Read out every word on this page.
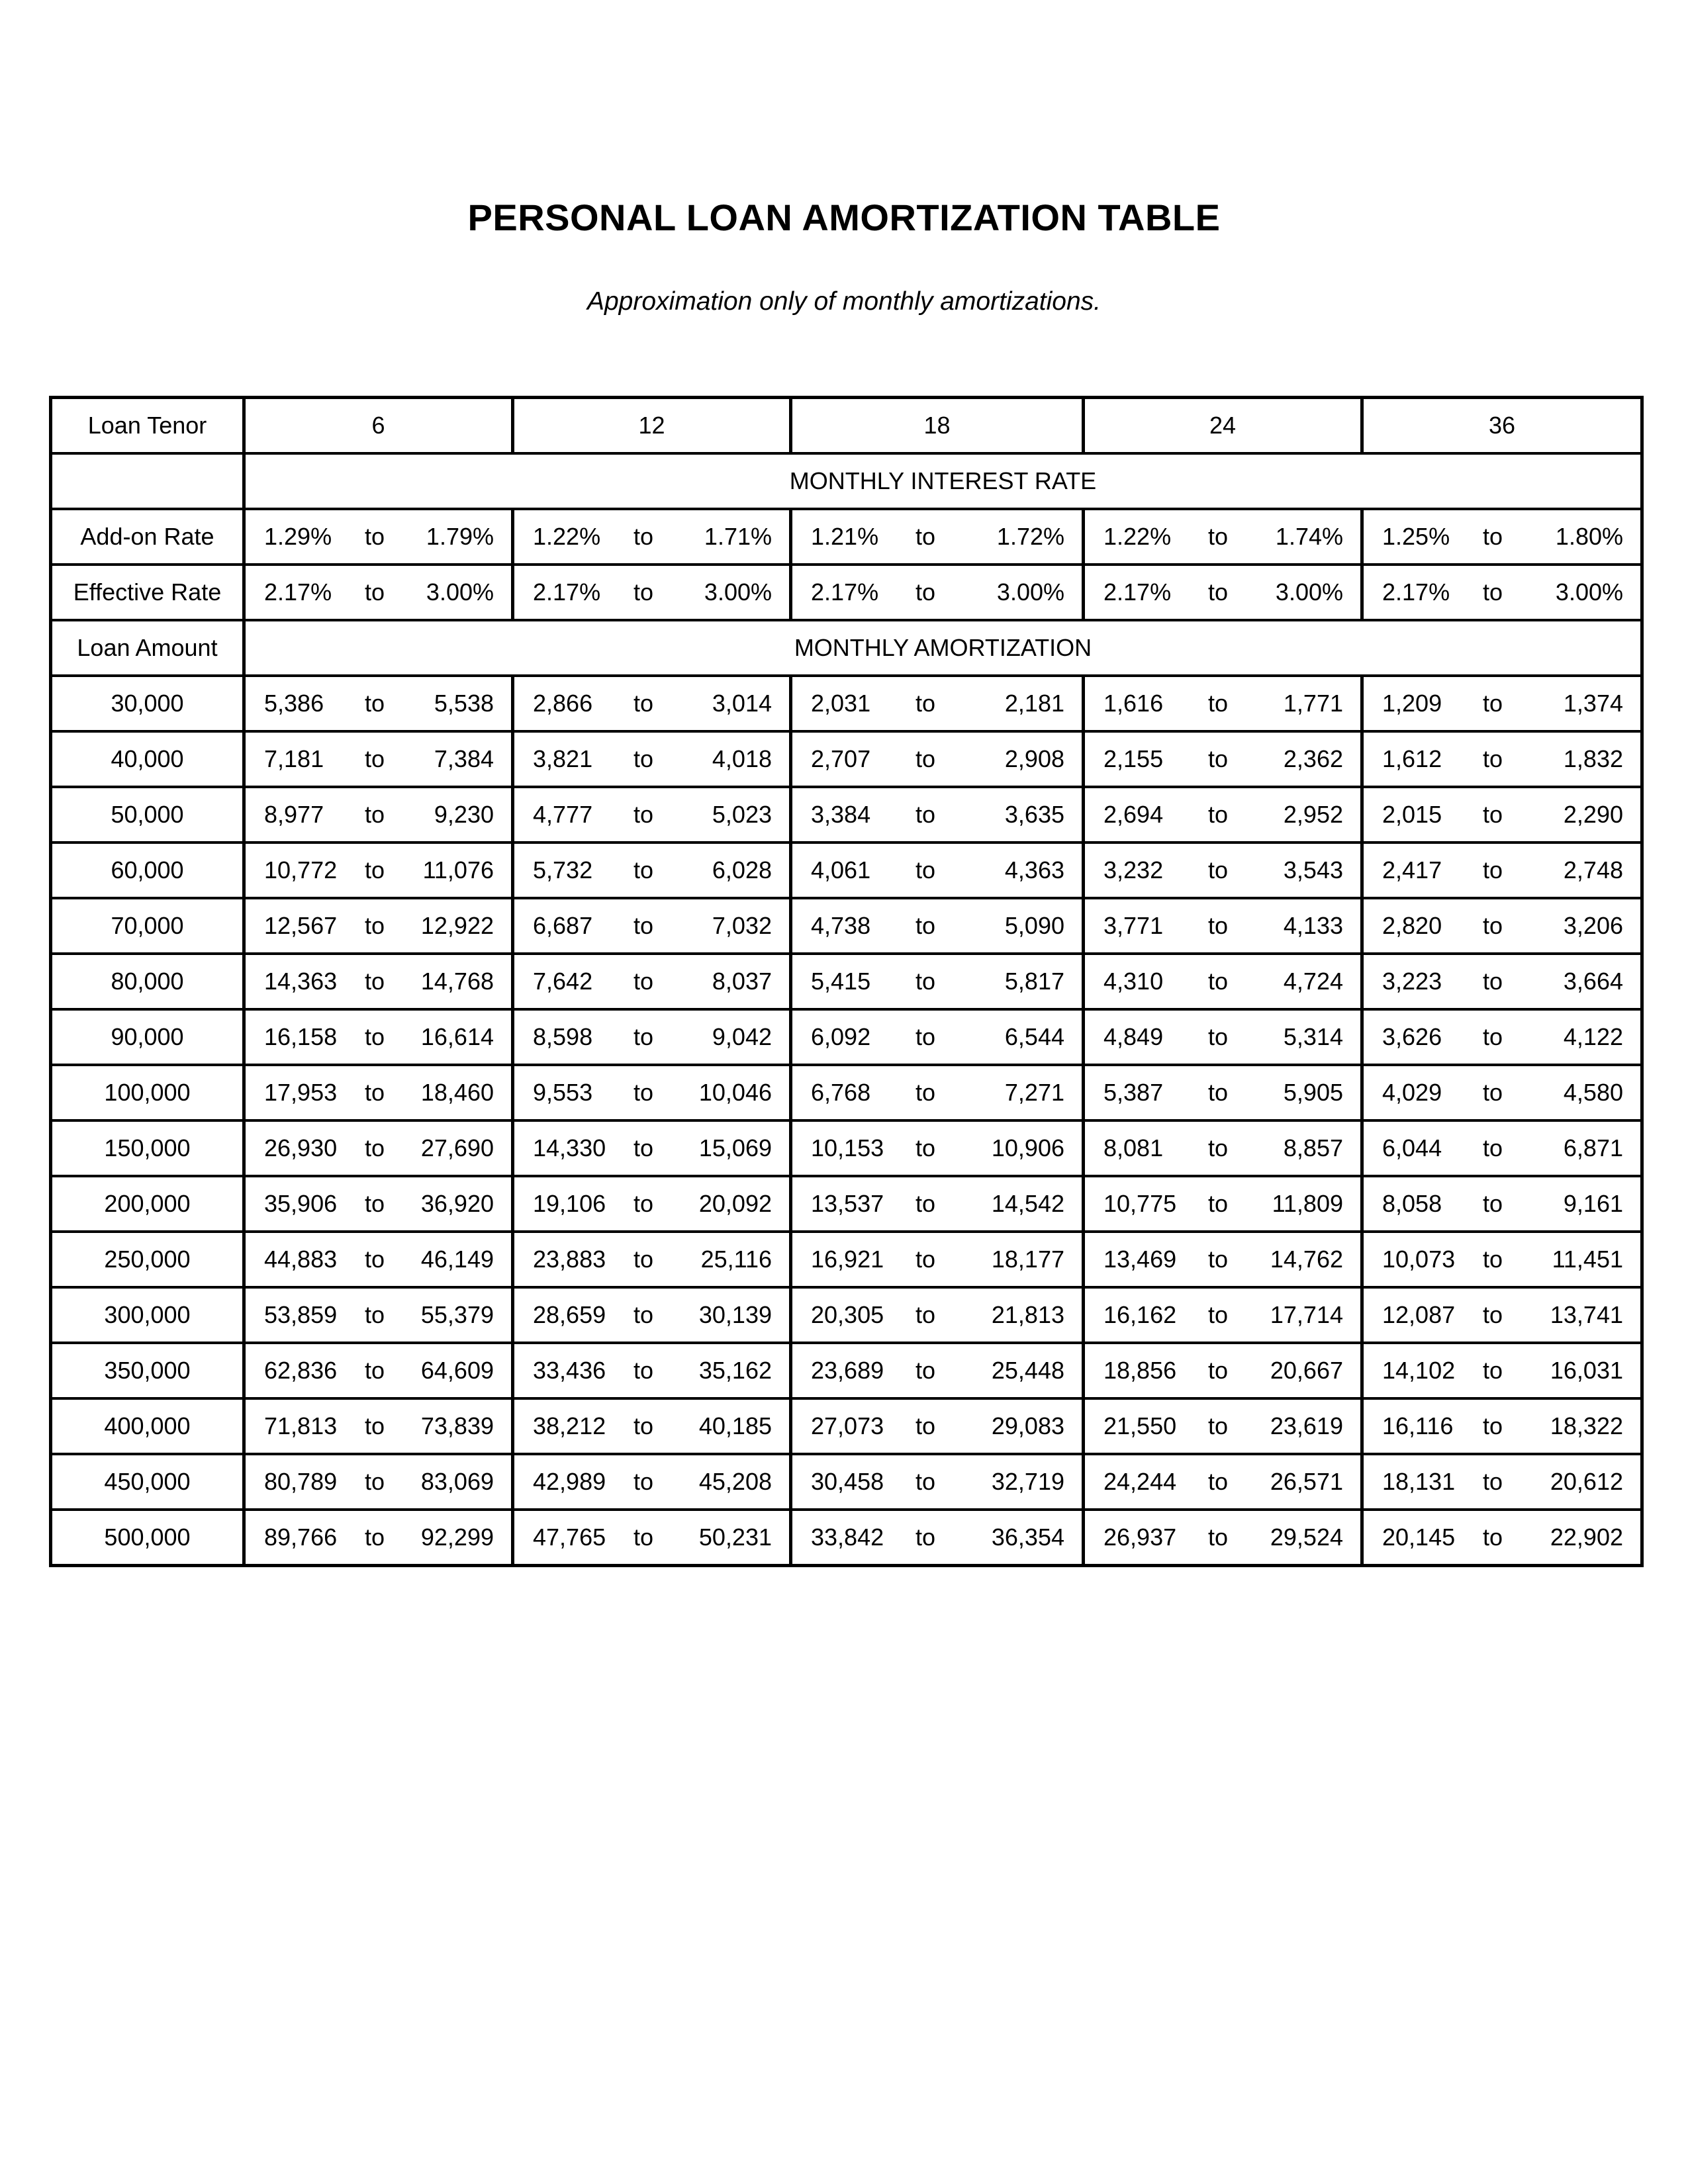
PERSONAL LOAN AMORTIZATION TABLE
Approximation only of monthly amortizations.
Loan Tenor	6			12			18			24			36		
	MONTHLY INTEREST RATE														
Add-on Rate	1.29%	to	1.79%	1.22%	to	1.71%	1.21%	to	1.72%	1.22%	to	1.74%	1.25%	to	1.80%
Effective Rate	2.17%	to	3.00%	2.17%	to	3.00%	2.17%	to	3.00%	2.17%	to	3.00%	2.17%	to	3.00%
Loan Amount	MONTHLY AMORTIZATION														
30,000	5,386	to	5,538	2,866	to	3,014	2,031	to	2,181	1,616	to	1,771	1,209	to	1,374
40,000	7,181	to	7,384	3,821	to	4,018	2,707	to	2,908	2,155	to	2,362	1,612	to	1,832
50,000	8,977	to	9,230	4,777	to	5,023	3,384	to	3,635	2,694	to	2,952	2,015	to	2,290
60,000	10,772	to	11,076	5,732	to	6,028	4,061	to	4,363	3,232	to	3,543	2,417	to	2,748
70,000	12,567	to	12,922	6,687	to	7,032	4,738	to	5,090	3,771	to	4,133	2,820	to	3,206
80,000	14,363	to	14,768	7,642	to	8,037	5,415	to	5,817	4,310	to	4,724	3,223	to	3,664
90,000	16,158	to	16,614	8,598	to	9,042	6,092	to	6,544	4,849	to	5,314	3,626	to	4,122
100,000	17,953	to	18,460	9,553	to	10,046	6,768	to	7,271	5,387	to	5,905	4,029	to	4,580
150,000	26,930	to	27,690	14,330	to	15,069	10,153	to	10,906	8,081	to	8,857	6,044	to	6,871
200,000	35,906	to	36,920	19,106	to	20,092	13,537	to	14,542	10,775	to	11,809	8,058	to	9,161
250,000	44,883	to	46,149	23,883	to	25,116	16,921	to	18,177	13,469	to	14,762	10,073	to	11,451
300,000	53,859	to	55,379	28,659	to	30,139	20,305	to	21,813	16,162	to	17,714	12,087	to	13,741
350,000	62,836	to	64,609	33,436	to	35,162	23,689	to	25,448	18,856	to	20,667	14,102	to	16,031
400,000	71,813	to	73,839	38,212	to	40,185	27,073	to	29,083	21,550	to	23,619	16,116	to	18,322
450,000	80,789	to	83,069	42,989	to	45,208	30,458	to	32,719	24,244	to	26,571	18,131	to	20,612
500,000	89,766	to	92,299	47,765	to	50,231	33,842	to	36,354	26,937	to	29,524	20,145	to	22,902
